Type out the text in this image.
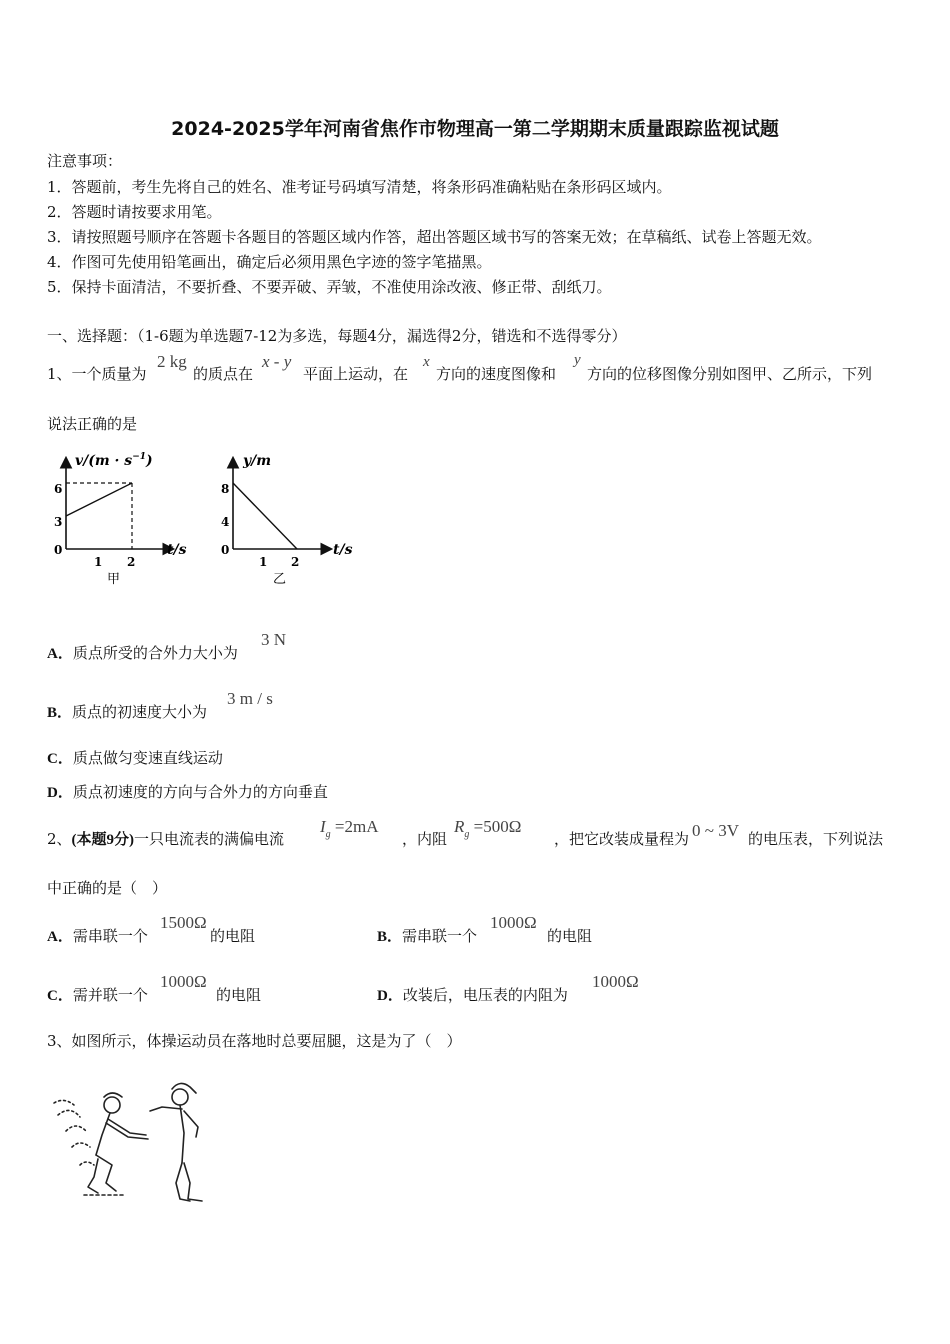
2024-2025学年河南省焦作市物理高一第二学期期末质量跟踪监视试题
注意事项：
1．答题前，考生先将自己的姓名、准考证号码填写清楚，将条形码准确粘贴在条形码区域内。
2．答题时请按要求用笔。
3．请按照题号顺序在答题卡各题目的答题区域内作答，超出答题区域书写的答案无效；在草稿纸、试卷上答题无效。
4．作图可先使用铅笔画出，确定后必须用黑色字迹的签字笔描黑。
5．保持卡面清洁，不要折叠、不要弄破、弄皱，不准使用涂改液、修正带、刮纸刀。
一、选择题：（1-6题为单选题7-12为多选，每题4分，漏选得2分，错选和不选得零分）
1、一个质量为
2 kg
的质点在
x - y
平面上运动，在
x
方向的速度图像和
y
方向的位移图像分别如图甲、乙所示，下列
说法正确的是
$v/(m \cdot s^{-1})$
t/s
6
3
0
1 2
甲
y/m
t/s
8
4
0
1 2
乙
A．质点所受的合外力大小为
3 N
B．质点的初速度大小为
3 m / s
C．质点做匀变速直线运动
D．质点初速度的方向与合外力的方向垂直
2、(本题9分)一只电流表的满偏电流
$I_g =2mA$
，内阻
$R_g =500\Omega$
，把它改装成量程为 0 ~ 3V 的电压表，下列说法
中正确的是（　）
A．需串联一个
1500Ω
的电阻	B．需串联一个
1000Ω
的电阻
C．需并联一个
1000Ω
的电阻	D．改装后，电压表的内阻为
1000Ω
3、如图所示，体操运动员在落地时总要屈腿，这是为了（　）
